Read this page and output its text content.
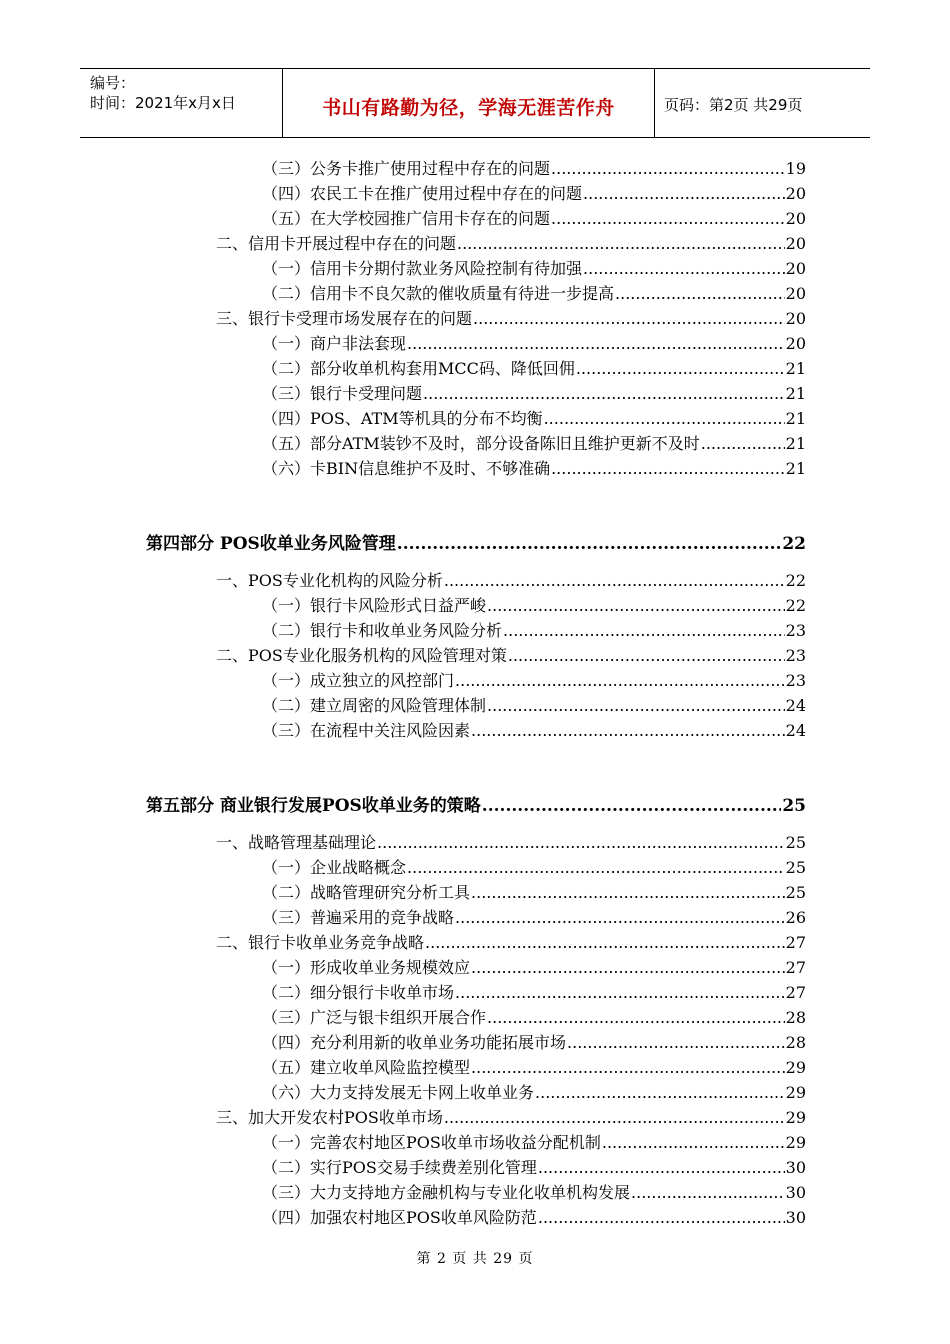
编号：
时间：2021年x月x日	书山有路勤为径，学海无涯苦作舟	页码：第2页 共29页
（三）公务卡推广使用过程中存在的问题 .....	19
（四）农民工卡在推广使用过程中存在的问题 .....	20
（五）在大学校园推广信用卡存在的问题 .....	20
二、信用卡开展过程中存在的问题 .....	20
（一）信用卡分期付款业务风险控制有待加强 .....	20
（二）信用卡不良欠款的催收质量有待进一步提高 .....	20
三、银行卡受理市场发展存在的问题 .....	20
（一）商户非法套现 .....	20
（二）部分收单机构套用MCC码、降低回佣 .....	21
（三）银行卡受理问题 .....	21
（四）POS、ATM等机具的分布不均衡 .....	21
（五）部分ATM装钞不及时，部分设备陈旧且维护更新不及时 .....	21
（六）卡BIN信息维护不及时、不够准确 .....	21
第四部分 POS收单业务风险管理 .....	22
一、POS专业化机构的风险分析 .....	22
（一）银行卡风险形式日益严峻 .....	22
（二）银行卡和收单业务风险分析 .....	23
二、POS专业化服务机构的风险管理对策 .....	23
（一）成立独立的风控部门 .....	23
（二）建立周密的风险管理体制 .....	24
（三）在流程中关注风险因素 .....	24
第五部分 商业银行发展POS收单业务的策略 .....	25
一、战略管理基础理论 .....	25
（一）企业战略概念 .....	25
（二）战略管理研究分析工具 .....	25
（三）普遍采用的竞争战略 .....	26
二、银行卡收单业务竞争战略 .....	27
（一）形成收单业务规模效应 .....	27
（二）细分银行卡收单市场 .....	27
（三）广泛与银卡组织开展合作 .....	28
（四）充分利用新的收单业务功能拓展市场 .....	28
（五）建立收单风险监控模型 .....	29
（六）大力支持发展无卡网上收单业务 .....	29
三、加大开发农村POS收单市场 .....	29
（一）完善农村地区POS收单市场收益分配机制 .....	29
（二）实行POS交易手续费差别化管理 .....	30
（三）大力支持地方金融机构与专业化收单机构发展 .....	30
（四）加强农村地区POS收单风险防范 .....	30
第 2 页 共 29 页
